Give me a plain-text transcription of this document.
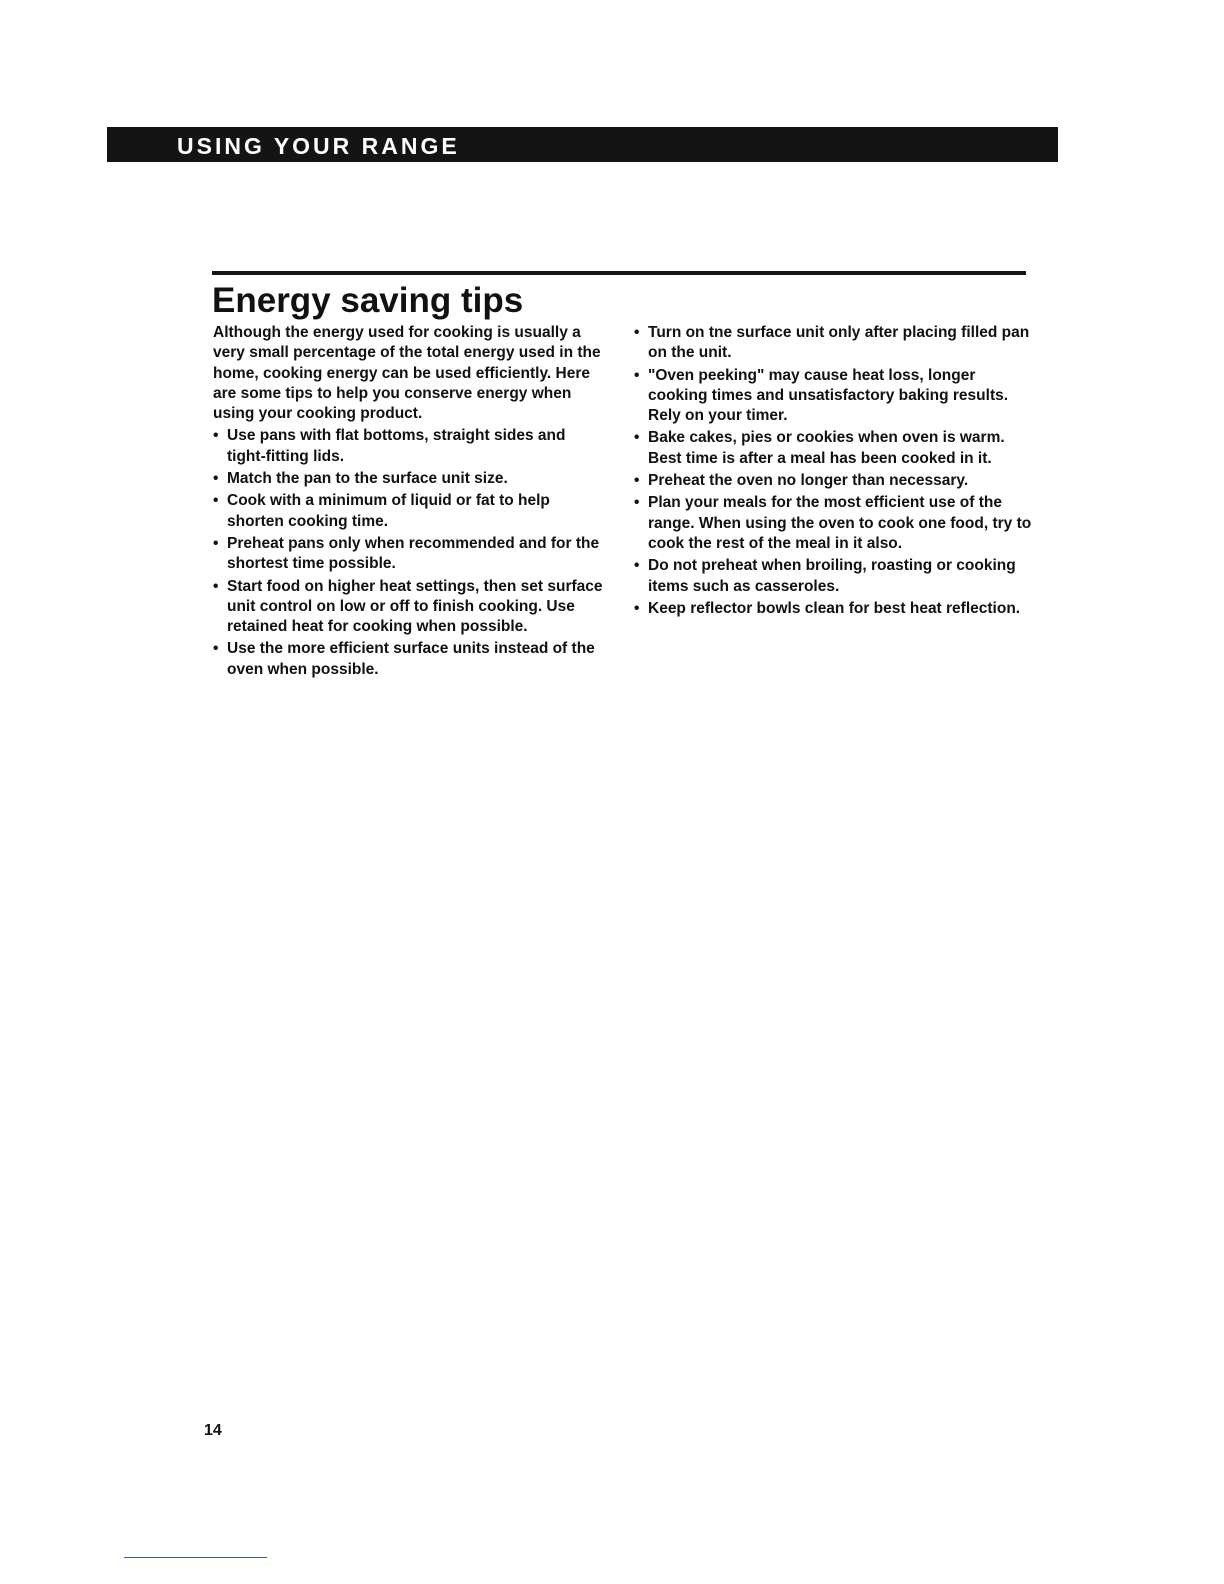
USING YOUR RANGE
Energy saving tips

Although the energy used for cooking is usually a very small percentage of the total energy used in the home, cooking energy can be used efficiently. Here are some tips to help you conserve energy when using your cooking product.

• Use pans with flat bottoms, straight sides and tight-fitting lids.
• Match the pan to the surface unit size.
• Cook with a minimum of liquid or fat to help shorten cooking time.
• Preheat pans only when recommended and for the shortest time possible.
• Start food on higher heat settings, then set surface unit control on low or off to finish cooking. Use retained heat for cooking when possible.
• Use the more efficient surface units instead of the oven when possible.
• Turn on tne surface unit only after placing filled pan on the unit.
• "Oven peeking" may cause heat loss, longer cooking times and unsatisfactory baking results. Rely on your timer.
• Bake cakes, pies or cookies when oven is warm. Best time is after a meal has been cooked in it.
• Preheat the oven no longer than necessary.
• Plan your meals for the most efficient use of the range. When using the oven to cook one food, try to cook the rest of the meal in it also.
• Do not preheat when broiling, roasting or cooking items such as casseroles.
• Keep reflector bowls clean for best heat reflection.
14
